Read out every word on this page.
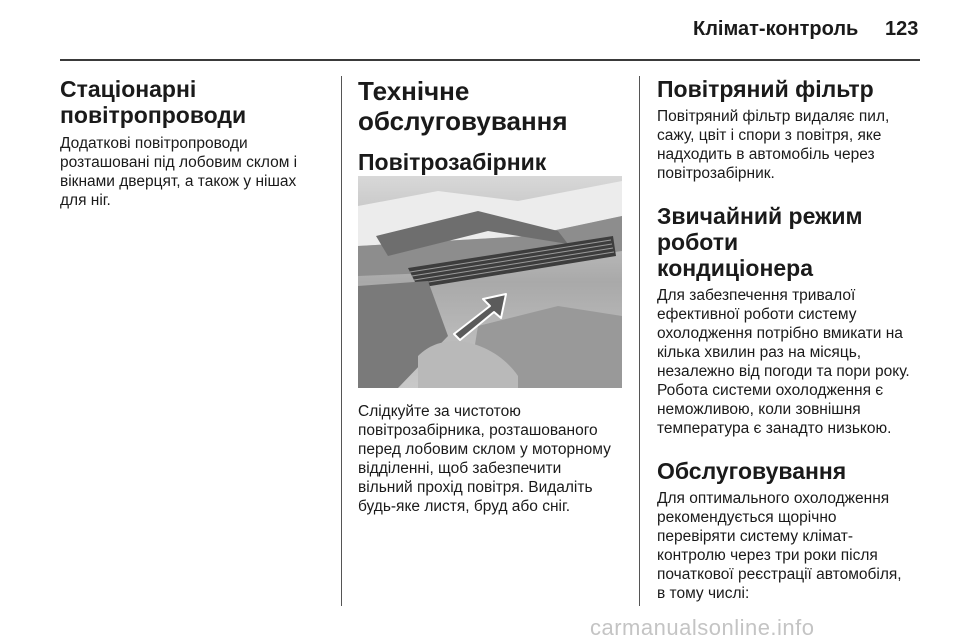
Клімат-контроль 123
Стаціонарні
повітропроводи

Додаткові повітропроводи
розташовані під лобовим склом і
вікнами дверцят, а також у нішах
для ніг.

Технічне
обслуговування
Повітрозабірник

Слідкуйте за чистотою
повітрозабірника, розташованого
перед лобовим склом у моторному
відділенні, щоб забезпечити
вільний прохід повітря. Видаліть
будь-яке листя, бруд або сніг.

Повітряний фільтр

Повітряний фільтр видаляє пил,
сажу, цвіт і спори з повітря, яке
надходить в автомобіль через
повітрозабірник.

Звичайний режим роботи
кондиціонера

Для забезпечення тривалої
ефективної роботи систему
охолодження потрібно вмикати на
кілька хвилин раз на місяць,
незалежно від погоди та пори року.
Робота системи охолодження є
неможливою, коли зовнішня
температура є занадто низькою.

Обслуговування

Для оптимального охолодження
рекомендується щорічно
перевіряти систему клімат-
контролю через три роки після
початкової реєстрації автомобіля,
в тому числі:

carmanualsonline.info
